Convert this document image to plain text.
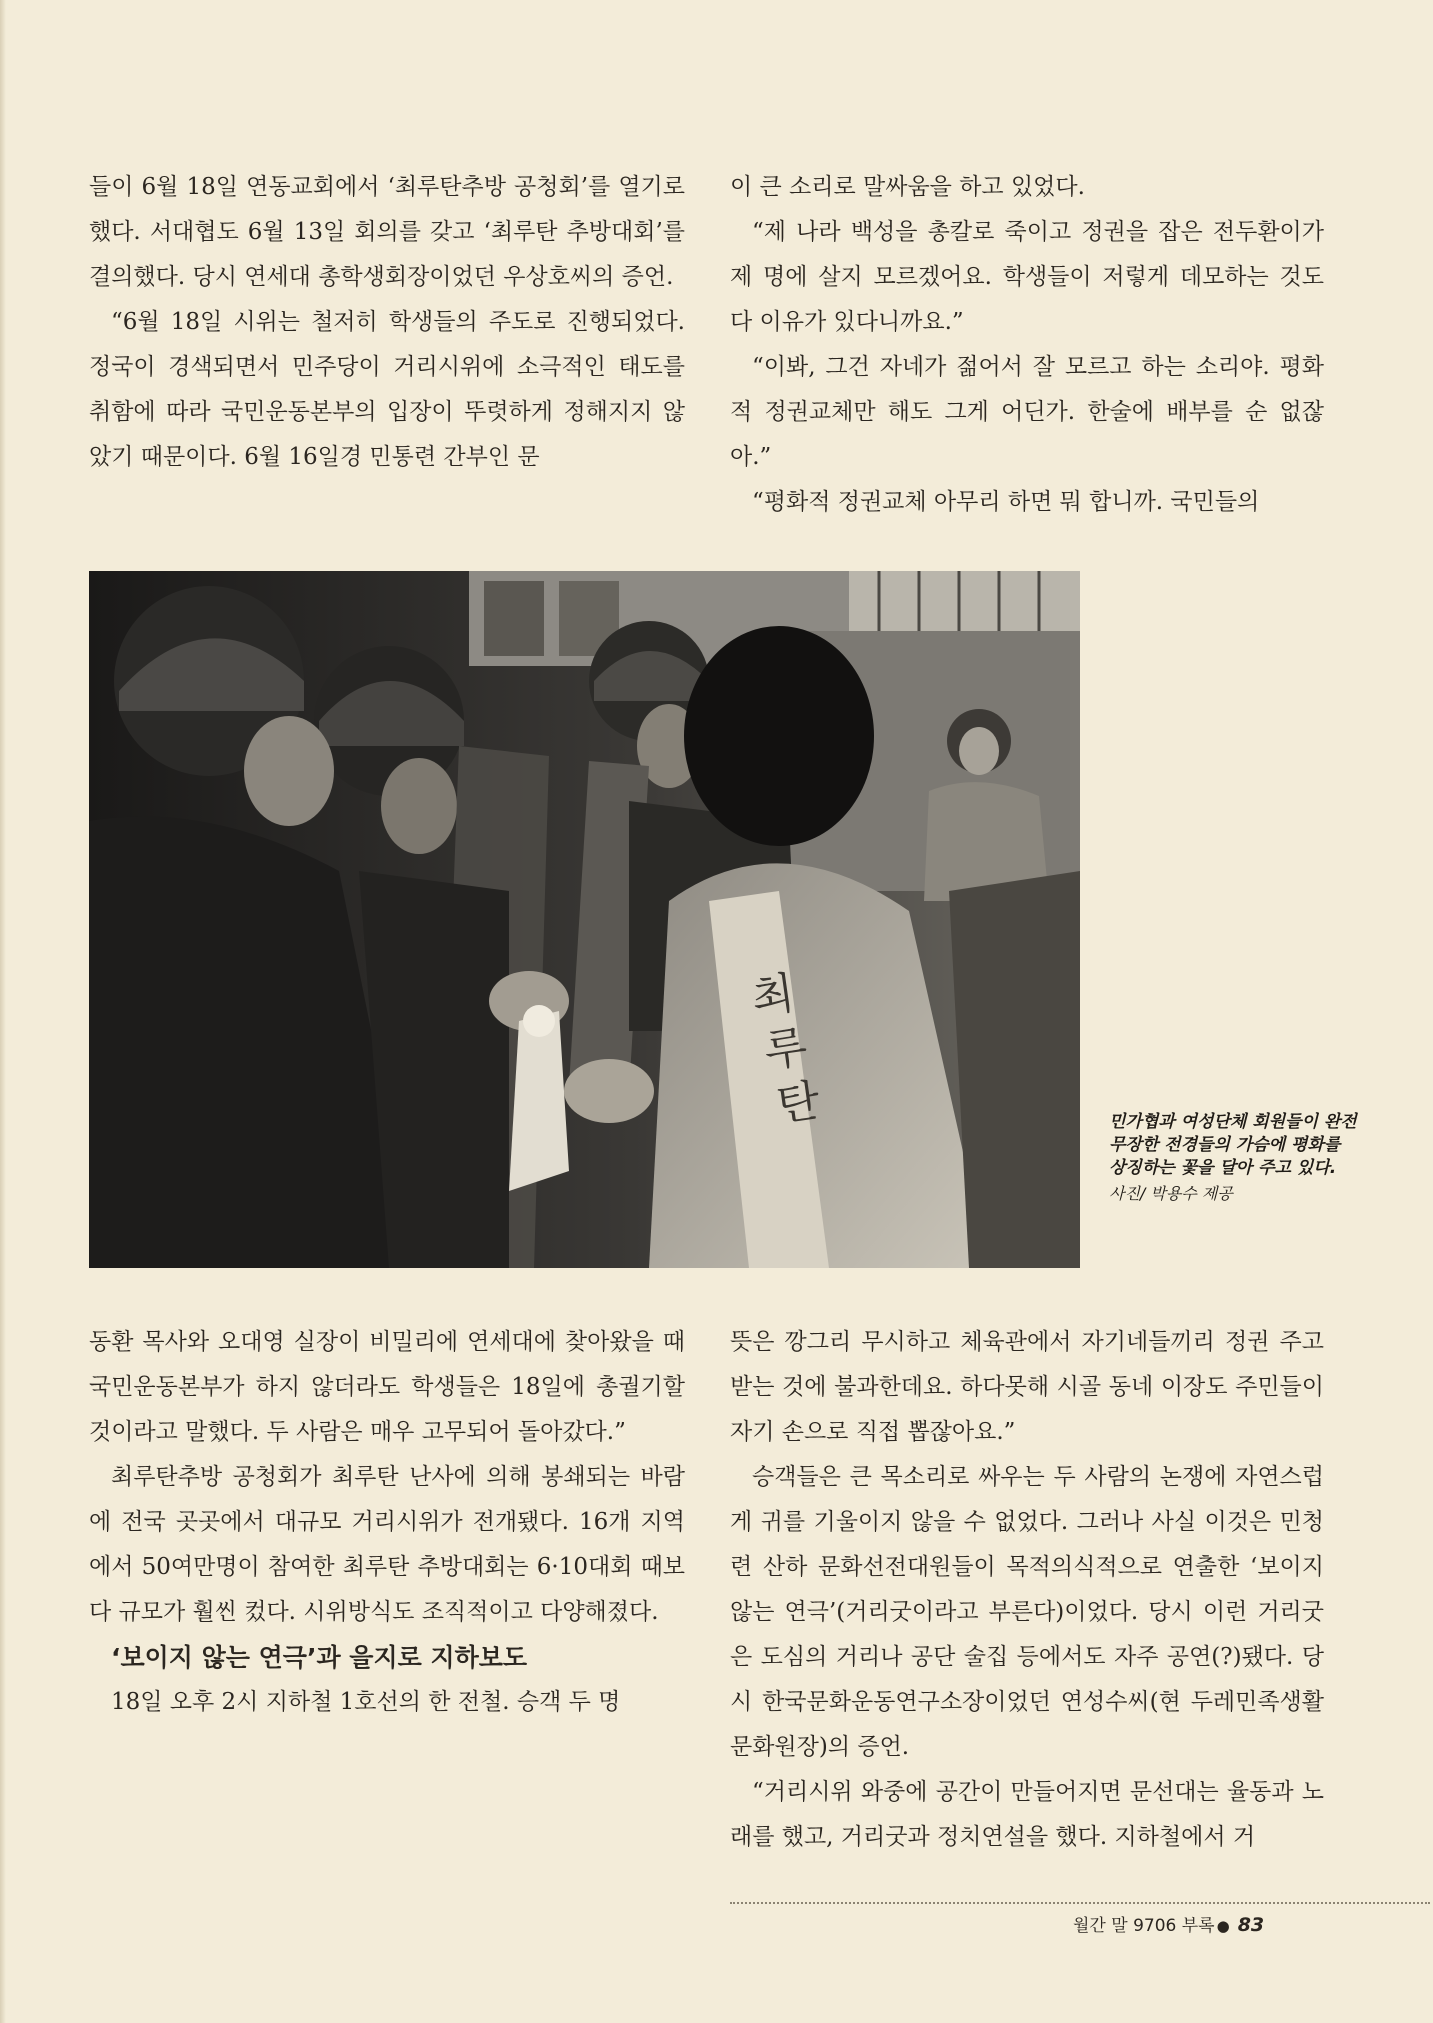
들이 6월 18일 연동교회에서 ‘최루탄추방 공청회’를 열기로 했다. 서대협도 6월 13일 회의를 갖고 ‘최루탄 추방대회’를 결의했다. 당시 연세대 총학생회장이었던 우상호씨의 증언.

“6월 18일 시위는 철저히 학생들의 주도로 진행되었다. 정국이 경색되면서 민주당이 거리시위에 소극적인 태도를 취함에 따라 국민운동본부의 입장이 뚜렷하게 정해지지 않았기 때문이다. 6월 16일경 민통련 간부인 문

이 큰 소리로 말싸움을 하고 있었다.

“제 나라 백성을 총칼로 죽이고 정권을 잡은 전두환이가 제 명에 살지 모르겠어요. 학생들이 저렇게 데모하는 것도 다 이유가 있다니까요.”

“이봐, 그건 자네가 젊어서 잘 모르고 하는 소리야. 평화적 정권교체만 해도 그게 어딘가. 한술에 배부를 순 없잖아.”

“평화적 정권교체 아무리 하면 뭐 합니까. 국민들의

최 루 탄	민가협과 여성단체 회원들이 완전무장한 전경들의 가슴에 평화를 상징하는 꽃을 달아 주고 있다.
사진/ 박용수 제공

동환 목사와 오대영 실장이 비밀리에 연세대에 찾아왔을 때 국민운동본부가 하지 않더라도 학생들은 18일에 총궐기할 것이라고 말했다. 두 사람은 매우 고무되어 돌아갔다.”

최루탄추방 공청회가 최루탄 난사에 의해 봉쇄되는 바람에 전국 곳곳에서 대규모 거리시위가 전개됐다. 16개 지역에서 50여만명이 참여한 최루탄 추방대회는 6·10대회 때보다 규모가 훨씬 컸다. 시위방식도 조직적이고 다양해졌다.

‘보이지 않는 연극’과 을지로 지하보도

18일 오후 2시 지하철 1호선의 한 전철. 승객 두 명

뜻은 깡그리 무시하고 체육관에서 자기네들끼리 정권 주고받는 것에 불과한데요. 하다못해 시골 동네 이장도 주민들이 자기 손으로 직접 뽑잖아요.”

승객들은 큰 목소리로 싸우는 두 사람의 논쟁에 자연스럽게 귀를 기울이지 않을 수 없었다. 그러나 사실 이것은 민청련 산하 문화선전대원들이 목적의식적으로 연출한 ‘보이지 않는 연극’(거리굿이라고 부른다)이었다. 당시 이런 거리굿은 도심의 거리나 공단 술집 등에서도 자주 공연(?)됐다. 당시 한국문화운동연구소장이었던 연성수씨(현 두레민족생활문화원장)의 증언.

“거리시위 와중에 공간이 만들어지면 문선대는 율동과 노래를 했고, 거리굿과 정치연설을 했다. 지하철에서 거

월간 말 9706 부록 ● 83
